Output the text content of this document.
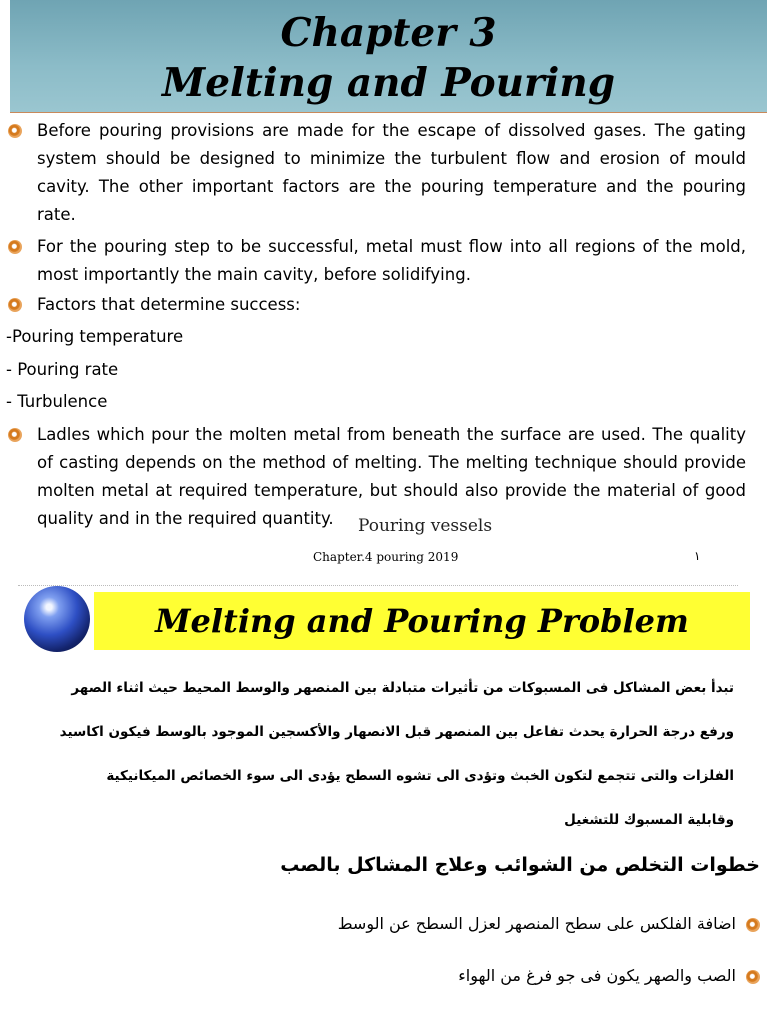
Chapter 3
Melting and Pouring
Before pouring provisions are made for the escape of dissolved gases. The gating system should be designed to minimize the turbulent flow and erosion of mould cavity. The other important factors are the pouring temperature and the pouring rate.
For the pouring step to be successful, metal must flow into all regions of the mold, most importantly the main cavity, before solidifying.
Factors that determine success:
-Pouring temperature
- Pouring rate
- Turbulence
Ladles which pour the molten metal from beneath the surface are used. The quality of casting depends on the method of melting. The melting technique should provide molten metal at required temperature, but should also provide the material of good quality and in the required quantity.	Pouring vessels
Chapter.4 pouring 2019	١
Melting and Pouring Problem
تبدأ بعض المشاكل فى المسبوكات من تأثيرات متبادلة بين المنصهر والوسط المحيط حيث اثناء الصهر
ورفع درجة الحرارة يحدث تفاعل بين المنصهر قبل الانصهار والأكسجين الموجود بالوسط فيكون اكاسيد
الفلزات والتى تتجمع لتكون الخبث وتؤدى الى تشوه السطح يؤدى الى سوء الخصائص الميكانيكية
وقابلية المسبوك للتشغيل
خطوات التخلص من الشوائب وعلاج المشاكل بالصب
اضافة الفلكس على سطح المنصهر لعزل السطح عن الوسط
الصب والصهر يكون فى جو فرغ من الهواء
